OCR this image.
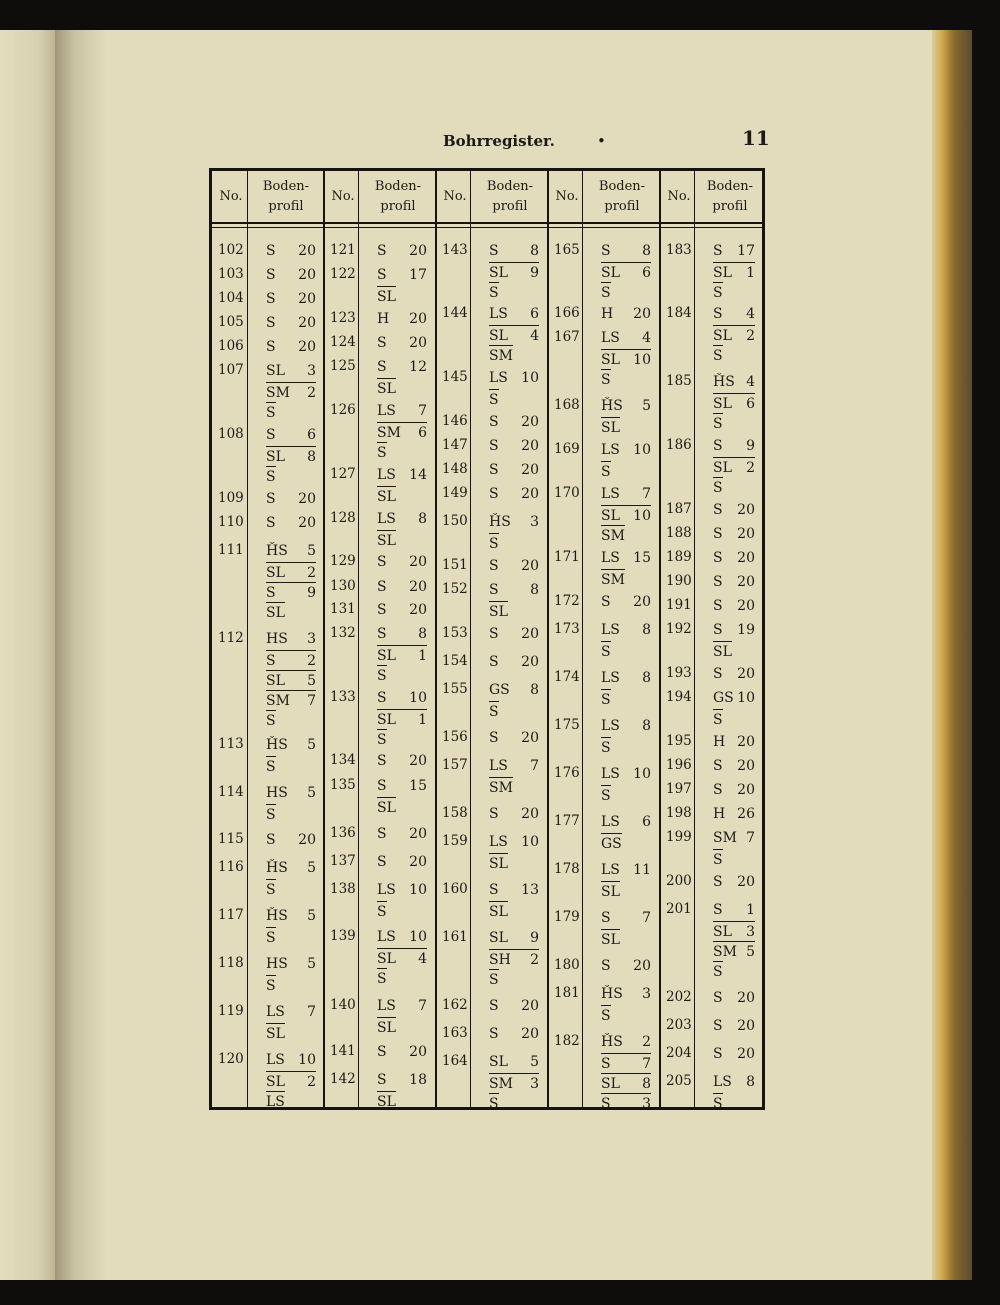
Bohrregister.	•	11
No.
Boden-
profil
102 S 20
103 S 20
104 S 20
105 S 20
106 S 20
107 SL 3
SM 2
S
108 S 6
SL 8
S
109 S 20
110 S 20
111 ȞS 5
SL 2
S 9
SL
112 HS 3
S 2
SL 5
SM 7
S
113 ȞS 5
S
114 HS 5
S
115 S 20
116 ȞS 5
S
117 ȞS 5
S
118 HS 5
S
119 LS 7
SL
120 LS 10
SL 2
LS
No.
Boden-
profil
121 S 20
122 S 17
SL
123 H 20
124 S 20
125 S 12
SL
126 LS 7
SM 6
S
127 LS 14
SL
128 LS 8
SL
129 S 20
130 S 20
131 S 20
132 S 8
SL 1
S
133 S 10
SL 1
S
134 S 20
135 S 15
SL
136 S 20
137 S 20
138 LS 10
S
139 LS 10
SL 4
S
140 LS 7
SL
141 S 20
142 S 18
SL
No.
Boden-
profil
143 S 8
SL 9
S
144 LS 6
SL 4
SM
145 LS 10
S
146 S 20
147 S 20
148 S 20
149 S 20
150 ȞS 3
S
151 S 20
152 S 8
SL
153 S 20
154 S 20
155 GS 8
S
156 S 20
157 LS 7
SM
158 S 20
159 LS 10
SL
160 S 13
SL
161 SL 9
SH 2
S
162 S 20
163 S 20
164 SL 5
SM 3
S
No.
Boden-
profil
165 S 8
SL 6
S
166 H 20
167 LS 4
SL 10
S
168 ȞS 5
SL
169 LS 10
S
170 LS 7
SL 10
SM
171 LS 15
SM
172 S 20
173 LS 8
S
174 LS 8
S
175 LS 8
S
176 LS 10
S
177 LS 6
GS
178 LS 11
SL
179 S 7
SL
180 S 20
181 ȞS 3
S
182 ȞS 2
S 7
SL 8
S 3
No.
Boden-
profil
183 S 17
SL 1
S
184 S 4
SL 2
S
185 ȞS 4
SL 6
S
186 S 9
SL 2
S
187 S 20
188 S 20
189 S 20
190 S 20
191 S 20
192 S 19
SL
193 S 20
194 GS 10
S
195 H 20
196 S 20
197 S 20
198 H 26
199 SM 7
S
200 S 20
201 S 1
SL 3
SM 5
S
202 S 20
203 S 20
204 S 20
205 LS 8
S
